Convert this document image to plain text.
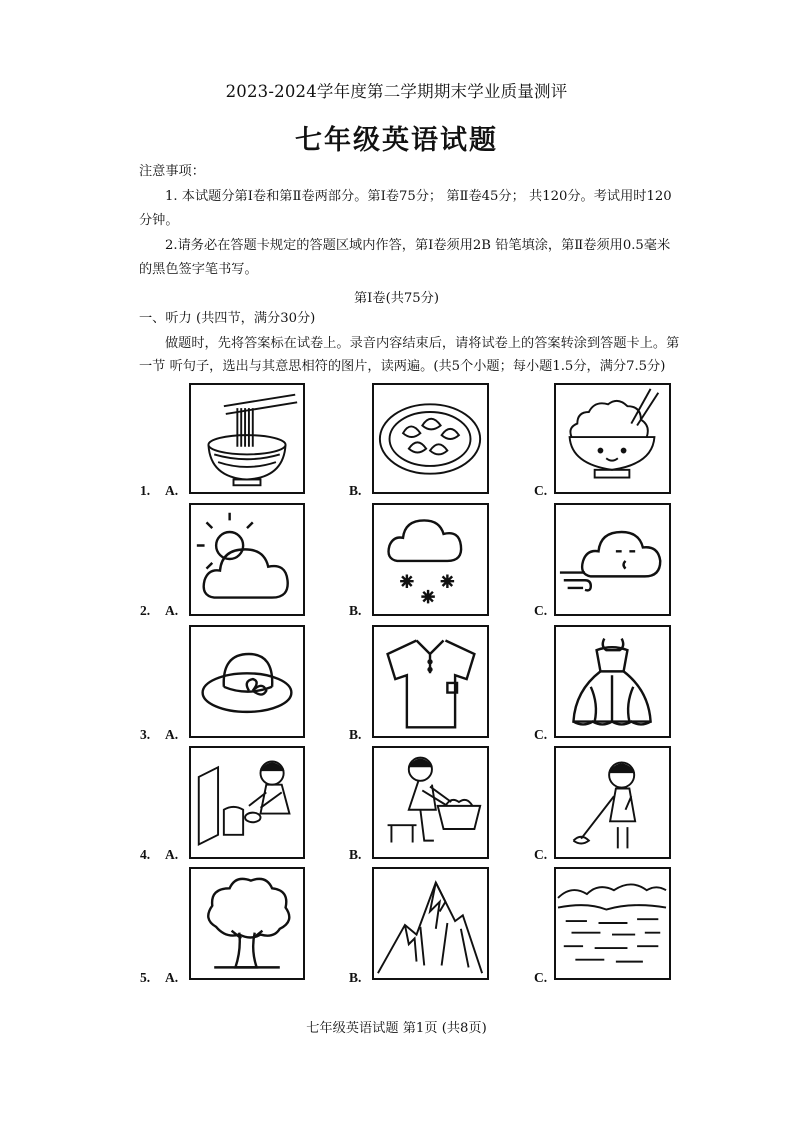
2023-2024学年度第二学期期末学业质量测评
七年级英语试题
注意事项：
1. 本试题分第Ⅰ卷和第Ⅱ卷两部分。第Ⅰ卷75分； 第Ⅱ卷45分； 共120分。考试用时120
分钟。
2.请务必在答题卡规定的答题区域内作答，第Ⅰ卷须用2B 铅笔填涂，第Ⅱ卷须用0.5毫米
的黑色签字笔书写。
第Ⅰ卷(共75分)
一、听力 (共四节，满分30分)
做题时，先将答案标在试卷上。录音内容结束后，请将试卷上的答案转涂到答题卡上。第
一节 听句子，选出与其意思相符的图片，读两遍。(共5个小题；每小题1.5分，满分7.5分)
1. A.	B.	C.
2. A.	B.	C.
3. A.	B.	C.
4. A.	B.	C.
5. A.	B.	C.
七年级英语试题 第1页 (共8页)
